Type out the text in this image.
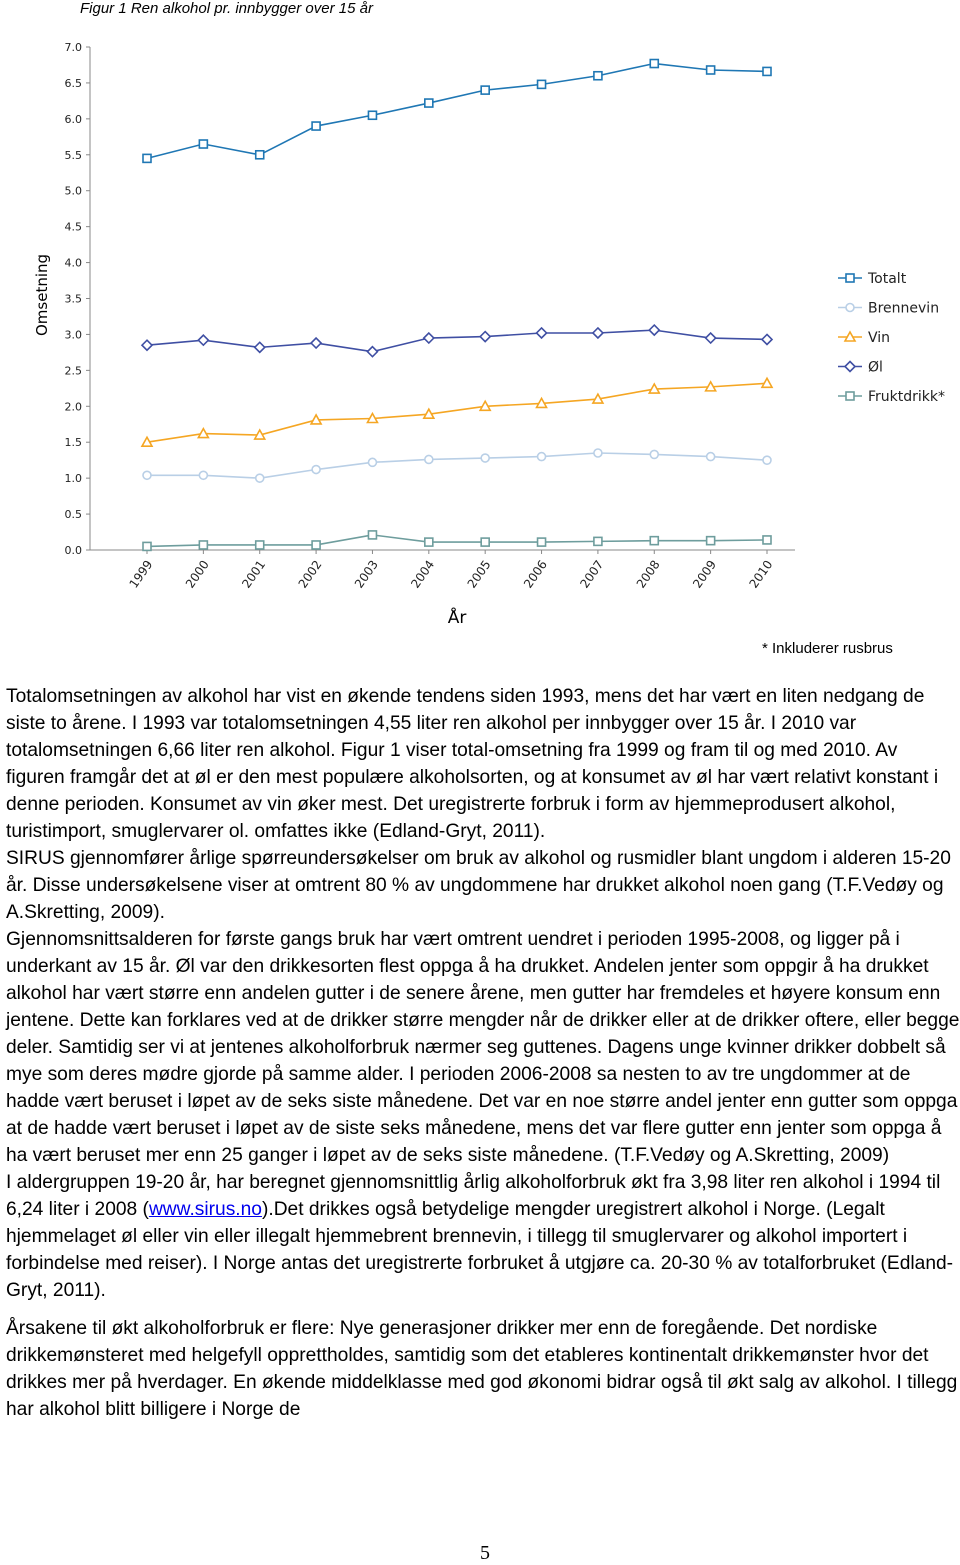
Figur 1 Ren alkohol pr. innbygger over 15 år
0.0
0.5
1.0
1.5
2.0
2.5
3.0
3.5
4.0
4.5
5.0
5.5
6.0
6.5
7.0
1999 2000 2001 2002 2003 2004 2005 2006 2007 2008 2009 2010
Totalt
Brennevin
Vin
Øl
Fruktdrikk*
Omsetning
År
* Inkluderer rusbrus

Totalomsetningen av alkohol har vist en økende tendens siden 1993, mens det har vært en liten nedgang de siste to årene. I 1993 var totalomsetningen 4,55 liter ren alkohol per innbygger over 15 år. I 2010 var totalomsetningen 6,66 liter ren alkohol. Figur 1 viser total-omsetning fra 1999 og fram til og med 2010. Av figuren framgår det at øl er den mest populære alkoholsorten, og at konsumet av øl har vært relativt konstant i denne perioden. Konsumet av vin øker mest. Det uregistrerte forbruk i form av hjemmeprodusert alkohol, turistimport, smuglervarer ol. omfattes ikke (Edland-Gryt, 2011).

SIRUS gjennomfører årlige spørreundersøkelser om bruk av alkohol og rusmidler blant ungdom i alderen 15-20 år. Disse undersøkelsene viser at omtrent 80 % av ungdommene har drukket alkohol noen gang (T.F.Vedøy og A.Skretting, 2009).

Gjennomsnittsalderen for første gangs bruk har vært omtrent uendret i perioden 1995-2008, og ligger på i underkant av 15 år. Øl var den drikkesorten flest oppga å ha drukket. Andelen jenter som oppgir å ha drukket alkohol har vært større enn andelen gutter i de senere årene, men gutter har fremdeles et høyere konsum enn jentene. Dette kan forklares ved at de drikker større mengder når de drikker eller at de drikker oftere, eller begge deler. Samtidig ser vi at jentenes alkoholforbruk nærmer seg guttenes. Dagens unge kvinner drikker dobbelt så mye som deres mødre gjorde på samme alder. I perioden 2006-2008 sa nesten to av tre ungdommer at de hadde vært beruset i løpet av de seks siste månedene. Det var en noe større andel jenter enn gutter som oppga at de hadde vært beruset i løpet av de siste seks månedene, mens det var flere gutter enn jenter som oppga å ha vært beruset mer enn 25 ganger i løpet av de seks siste månedene. (T.F.Vedøy og A.Skretting, 2009)

I aldergruppen 19-20 år, har beregnet gjennomsnittlig årlig alkoholforbruk økt fra 3,98 liter ren alkohol i 1994 til 6,24 liter i 2008 (www.sirus.no).Det drikkes også betydelige mengder uregistrert alkohol i Norge. (Legalt hjemmelaget øl eller vin eller illegalt hjemmebrent brennevin, i tillegg til smuglervarer og alkohol importert i forbindelse med reiser). I Norge antas det uregistrerte forbruket å utgjøre ca. 20-30 % av totalforbruket (Edland-Gryt, 2011).

Årsakene til økt alkoholforbruk er flere: Nye generasjoner drikker mer enn de foregående. Det nordiske drikkemønsteret med helgefyll opprettholdes, samtidig som det etableres kontinentalt drikkemønster hvor det drikkes mer på hverdager. En økende middelklasse med god økonomi bidrar også til økt salg av alkohol. I tillegg har alkohol blitt billigere i Norge de

5
